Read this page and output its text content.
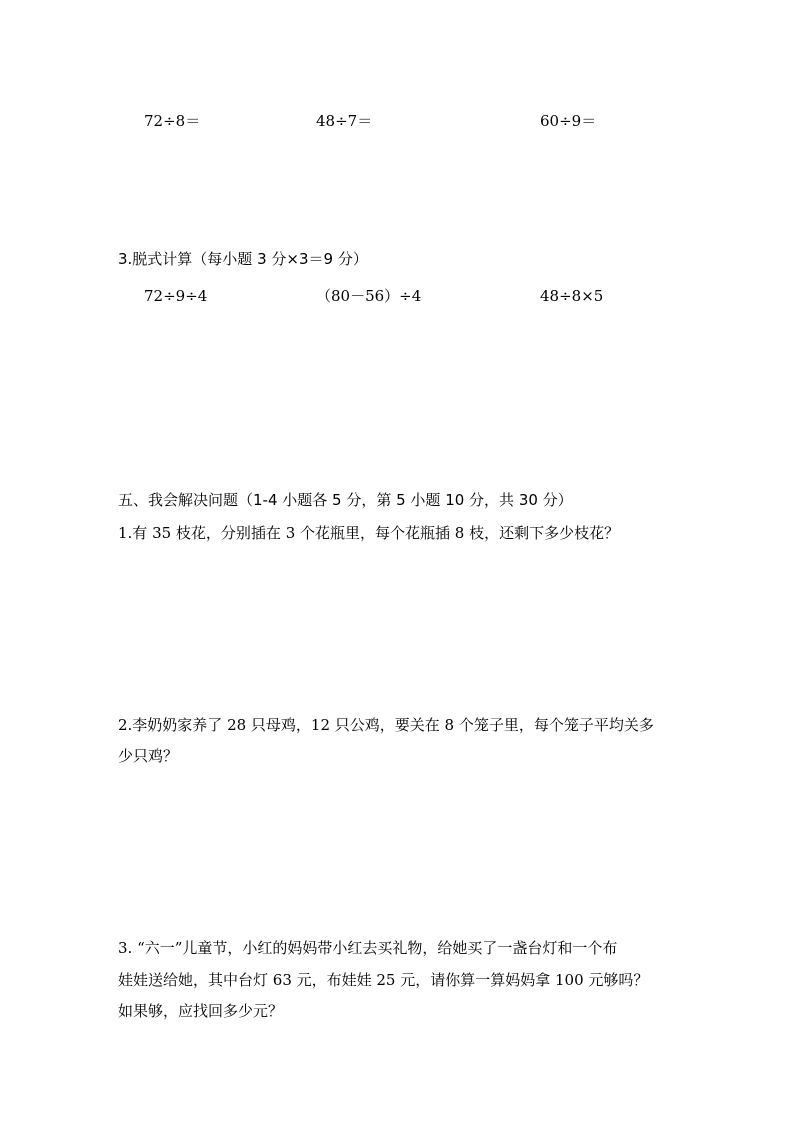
72÷8＝	48÷7＝	60÷9＝
3.脱式计算（每小题 3 分×3＝9 分）
72÷9÷4	（80－56）÷4	48÷8×5
五、我会解决问题（1-4 小题各 5 分，第 5 小题 10 分，共 30 分）
1.有 35 枝花，分别插在 3 个花瓶里，每个花瓶插 8 枝，还剩下多少枝花？
2.李奶奶家养了 28 只母鸡，12 只公鸡，要关在 8 个笼子里，每个笼子平均关多
少只鸡？
3. “六一”儿童节，小红的妈妈带小红去买礼物，给她买了一盏台灯和一个布
娃娃送给她，其中台灯 63 元，布娃娃 25 元，请你算一算妈妈拿 100 元够吗？
如果够，应找回多少元？
